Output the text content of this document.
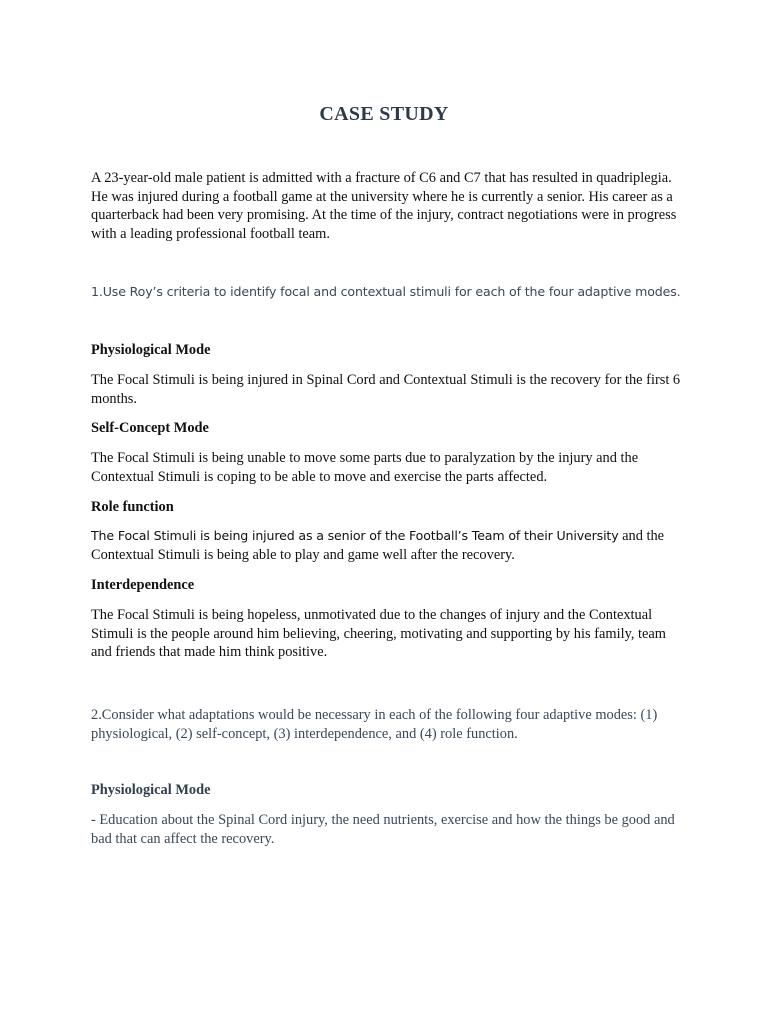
CASE STUDY

A 23-year-old male patient is admitted with a fracture of C6 and C7 that has resulted in quadriplegia. He was injured during a football game at the university where he is currently a senior. His career as a quarterback had been very promising. At the time of the injury, contract negotiations were in progress with a leading professional football team.

1.Use Roy’s criteria to identify focal and contextual stimuli for each of the four adaptive modes.

Physiological Mode

The Focal Stimuli is being injured in Spinal Cord and Contextual Stimuli is the recovery for the first 6 months.

Self-Concept Mode

The Focal Stimuli is being unable to move some parts due to paralyzation by the injury and the Contextual Stimuli is coping to be able to move and exercise the parts affected.

Role function

The Focal Stimuli is being injured as a senior of the Football’s Team of their University and the Contextual Stimuli is being able to play and game well after the recovery.

Interdependence

The Focal Stimuli is being hopeless, unmotivated due to the changes of injury and the Contextual Stimuli is the people around him believing, cheering, motivating and supporting by his family, team and friends that made him think positive.

2.Consider what adaptations would be necessary in each of the following four adaptive modes: (1) physiological, (2) self-concept, (3) interdependence, and (4) role function.

Physiological Mode

- Education about the Spinal Cord injury, the need nutrients, exercise and how the things be good and bad that can affect the recovery.
